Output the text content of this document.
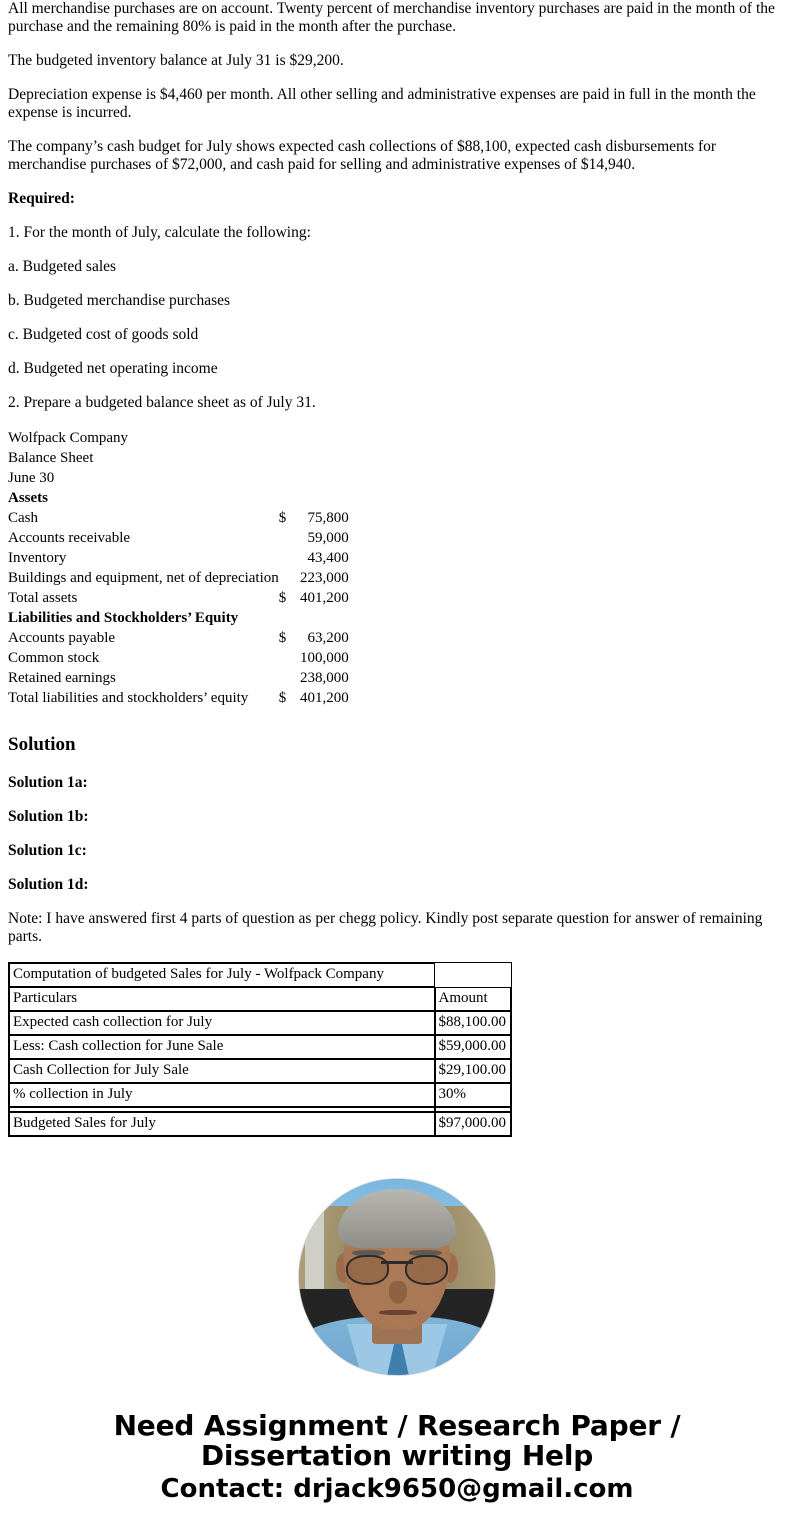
All merchandise purchases are on account. Twenty percent of merchandise inventory purchases are paid in the month of the purchase and the remaining 80% is paid in the month after the purchase.

The budgeted inventory balance at July 31 is $29,200.

Depreciation expense is $4,460 per month. All other selling and administrative expenses are paid in full in the month the expense is incurred.

The company’s cash budget for July shows expected cash collections of $88,100, expected cash disbursements for merchandise purchases of $72,000, and cash paid for selling and administrative expenses of $14,940.

Required:

1. For the month of July, calculate the following:

a. Budgeted sales

b. Budgeted merchandise purchases

c. Budgeted cost of goods sold

d. Budgeted net operating income

2. Prepare a budgeted balance sheet as of July 31.

Wolfpack Company		
Balance Sheet		
June 30		
Assets		
Cash	$	75,800
Accounts receivable		59,000
Inventory		43,400
Buildings and equipment, net of depreciation		223,000
Total assets	$	401,200
Liabilities and Stockholders’ Equity		
Accounts payable	$	63,200
Common stock		100,000
Retained earnings		238,000
Total liabilities and stockholders’ equity	$	401,200
Solution

Solution 1a:

Solution 1b:

Solution 1c:

Solution 1d:

Note: I have answered first 4 parts of question as per chegg policy. Kindly post separate question for answer of remaining parts.

Computation of budgeted Sales for July - Wolfpack Company	
Particulars	Amount
Expected cash collection for July	$88,100.00
Less: Cash collection for June Sale	$59,000.00
Cash Collection for July Sale	$29,100.00
% collection in July	30%

Budgeted Sales for July	$97,000.00
Need Assignment / Research Paper / Dissertation writing Help
Contact: drjack9650@gmail.com
